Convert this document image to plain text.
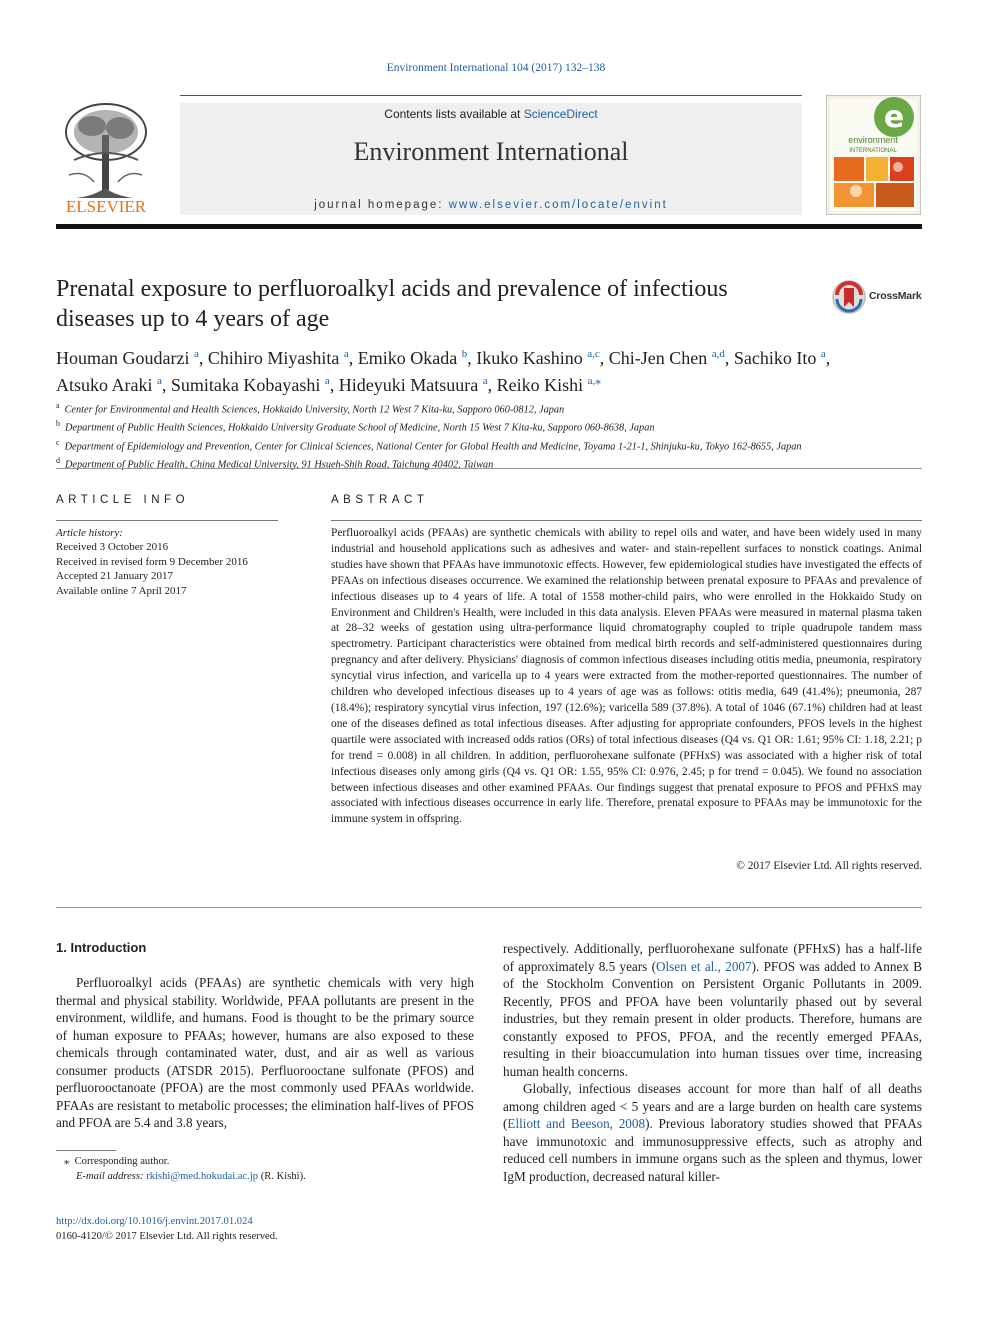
Environment International 104 (2017) 132–138
ELSEVIER
Contents lists available at ScienceDirect
Environment International
journal homepage: www.elsevier.com/locate/envint
e
environment
INTERNATIONAL
Prenatal exposure to perfluoroalkyl acids and prevalence of infectious diseases up to 4 years of age
CrossMark
Houman Goudarzi $^a$, Chihiro Miyashita $^a$, Emiko Okada $^b$, Ikuko Kashino $^{a,c}$, Chi-Jen Chen $^{a,d}$, Sachiko Ito $^a$,
Atsuko Araki $^a$, Sumitaka Kobayashi $^a$, Hideyuki Matsuura $^a$, Reiko Kishi $^{a,⁎}$
$^a$ Center for Environmental and Health Sciences, Hokkaido University, North 12 West 7 Kita-ku, Sapporo 060-0812, Japan
$^b$ Department of Public Health Sciences, Hokkaido University Graduate School of Medicine, North 15 West 7 Kita-ku, Sapporo 060-8638, Japan
$^c$ Department of Epidemiology and Prevention, Center for Clinical Sciences, National Center for Global Health and Medicine, Toyama 1-21-1, Shinjuku-ku, Tokyo 162-8655, Japan
$^d$ Department of Public Health, China Medical University, 91 Hsueh-Shih Road, Taichung 40402, Taiwan
ARTICLE INFO
Article history:
Received 3 October 2016
Received in revised form 9 December 2016
Accepted 21 January 2017
Available online 7 April 2017
ABSTRACT
Perfluoroalkyl acids (PFAAs) are synthetic chemicals with ability to repel oils and water, and have been widely used in many industrial and household applications such as adhesives and water- and stain-repellent surfaces to nonstick coatings. Animal studies have shown that PFAAs have immunotoxic effects. However, few epidemiological studies have investigated the effects of PFAAs on infectious diseases occurrence. We examined the relationship between prenatal exposure to PFAAs and prevalence of infectious diseases up to 4 years of life. A total of 1558 mother-child pairs, who were enrolled in the Hokkaido Study on Environment and Children's Health, were included in this data analysis. Eleven PFAAs were measured in maternal plasma taken at 28–32 weeks of gestation using ultra-performance liquid chromatography coupled to triple quadrupole tandem mass spectrometry. Participant characteristics were obtained from medical birth records and self-administered questionnaires during pregnancy and after delivery. Physicians' diagnosis of common infectious diseases including otitis media, pneumonia, respiratory syncytial virus infection, and varicella up to 4 years were extracted from the mother-reported questionnaires. The number of children who developed infectious diseases up to 4 years of age was as follows: otitis media, 649 (41.4%); pneumonia, 287 (18.4%); respiratory syncytial virus infection, 197 (12.6%); varicella 589 (37.8%). A total of 1046 (67.1%) children had at least one of the diseases defined as total infectious diseases. After adjusting for appropriate confounders, PFOS levels in the highest quartile were associated with increased odds ratios (ORs) of total infectious diseases (Q4 vs. Q1 OR: 1.61; 95% CI: 1.18, 2.21; p for trend = 0.008) in all children. In addition, perfluorohexane sulfonate (PFHxS) was associated with a higher risk of total infectious diseases only among girls (Q4 vs. Q1 OR: 1.55, 95% CI: 0.976, 2.45; p for trend = 0.045). We found no association between infectious diseases and other examined PFAAs. Our findings suggest that prenatal exposure to PFOS and PFHxS may associated with infectious diseases occurrence in early life. Therefore, prenatal exposure to PFAAs may be immunotoxic for the immune system in offspring.
© 2017 Elsevier Ltd. All rights reserved.
1. Introduction

Perfluoroalkyl acids (PFAAs) are synthetic chemicals with very high thermal and physical stability. Worldwide, PFAA pollutants are present in the environment, wildlife, and humans. Food is thought to be the primary source of human exposure to PFAAs; however, humans are also exposed to these chemicals through contaminated water, dust, and air as well as various consumer products (ATSDR 2015). Perfluorooctane sulfonate (PFOS) and perfluorooctanoate (PFOA) are the most commonly used PFAAs worldwide. PFAAs are resistant to metabolic processes; the elimination half-lives of PFOS and PFOA are 5.4 and 3.8 years,

respectively. Additionally, perfluorohexane sulfonate (PFHxS) has a half-life of approximately 8.5 years (Olsen et al., 2007). PFOS was added to Annex B of the Stockholm Convention on Persistent Organic Pollutants in 2009. Recently, PFOS and PFOA have been voluntarily phased out by several industries, but they remain present in older products. Therefore, humans are constantly exposed to PFOS, PFOA, and the recently emerged PFAAs, resulting in their bioaccumulation into human tissues over time, increasing human health concerns.

Globally, infectious diseases account for more than half of all deaths among children aged < 5 years and are a large burden on health care systems (Elliott and Beeson, 2008). Previous laboratory studies showed that PFAAs have immunotoxic and immunosuppressive effects, such as atrophy and reduced cell numbers in immune organs such as the spleen and thymus, lower IgM production, decreased natural killer-

⁎ Corresponding author.
E-mail address: rkishi@med.hokudai.ac.jp (R. Kishi).
http://dx.doi.org/10.1016/j.envint.2017.01.024
0160-4120/© 2017 Elsevier Ltd. All rights reserved.
